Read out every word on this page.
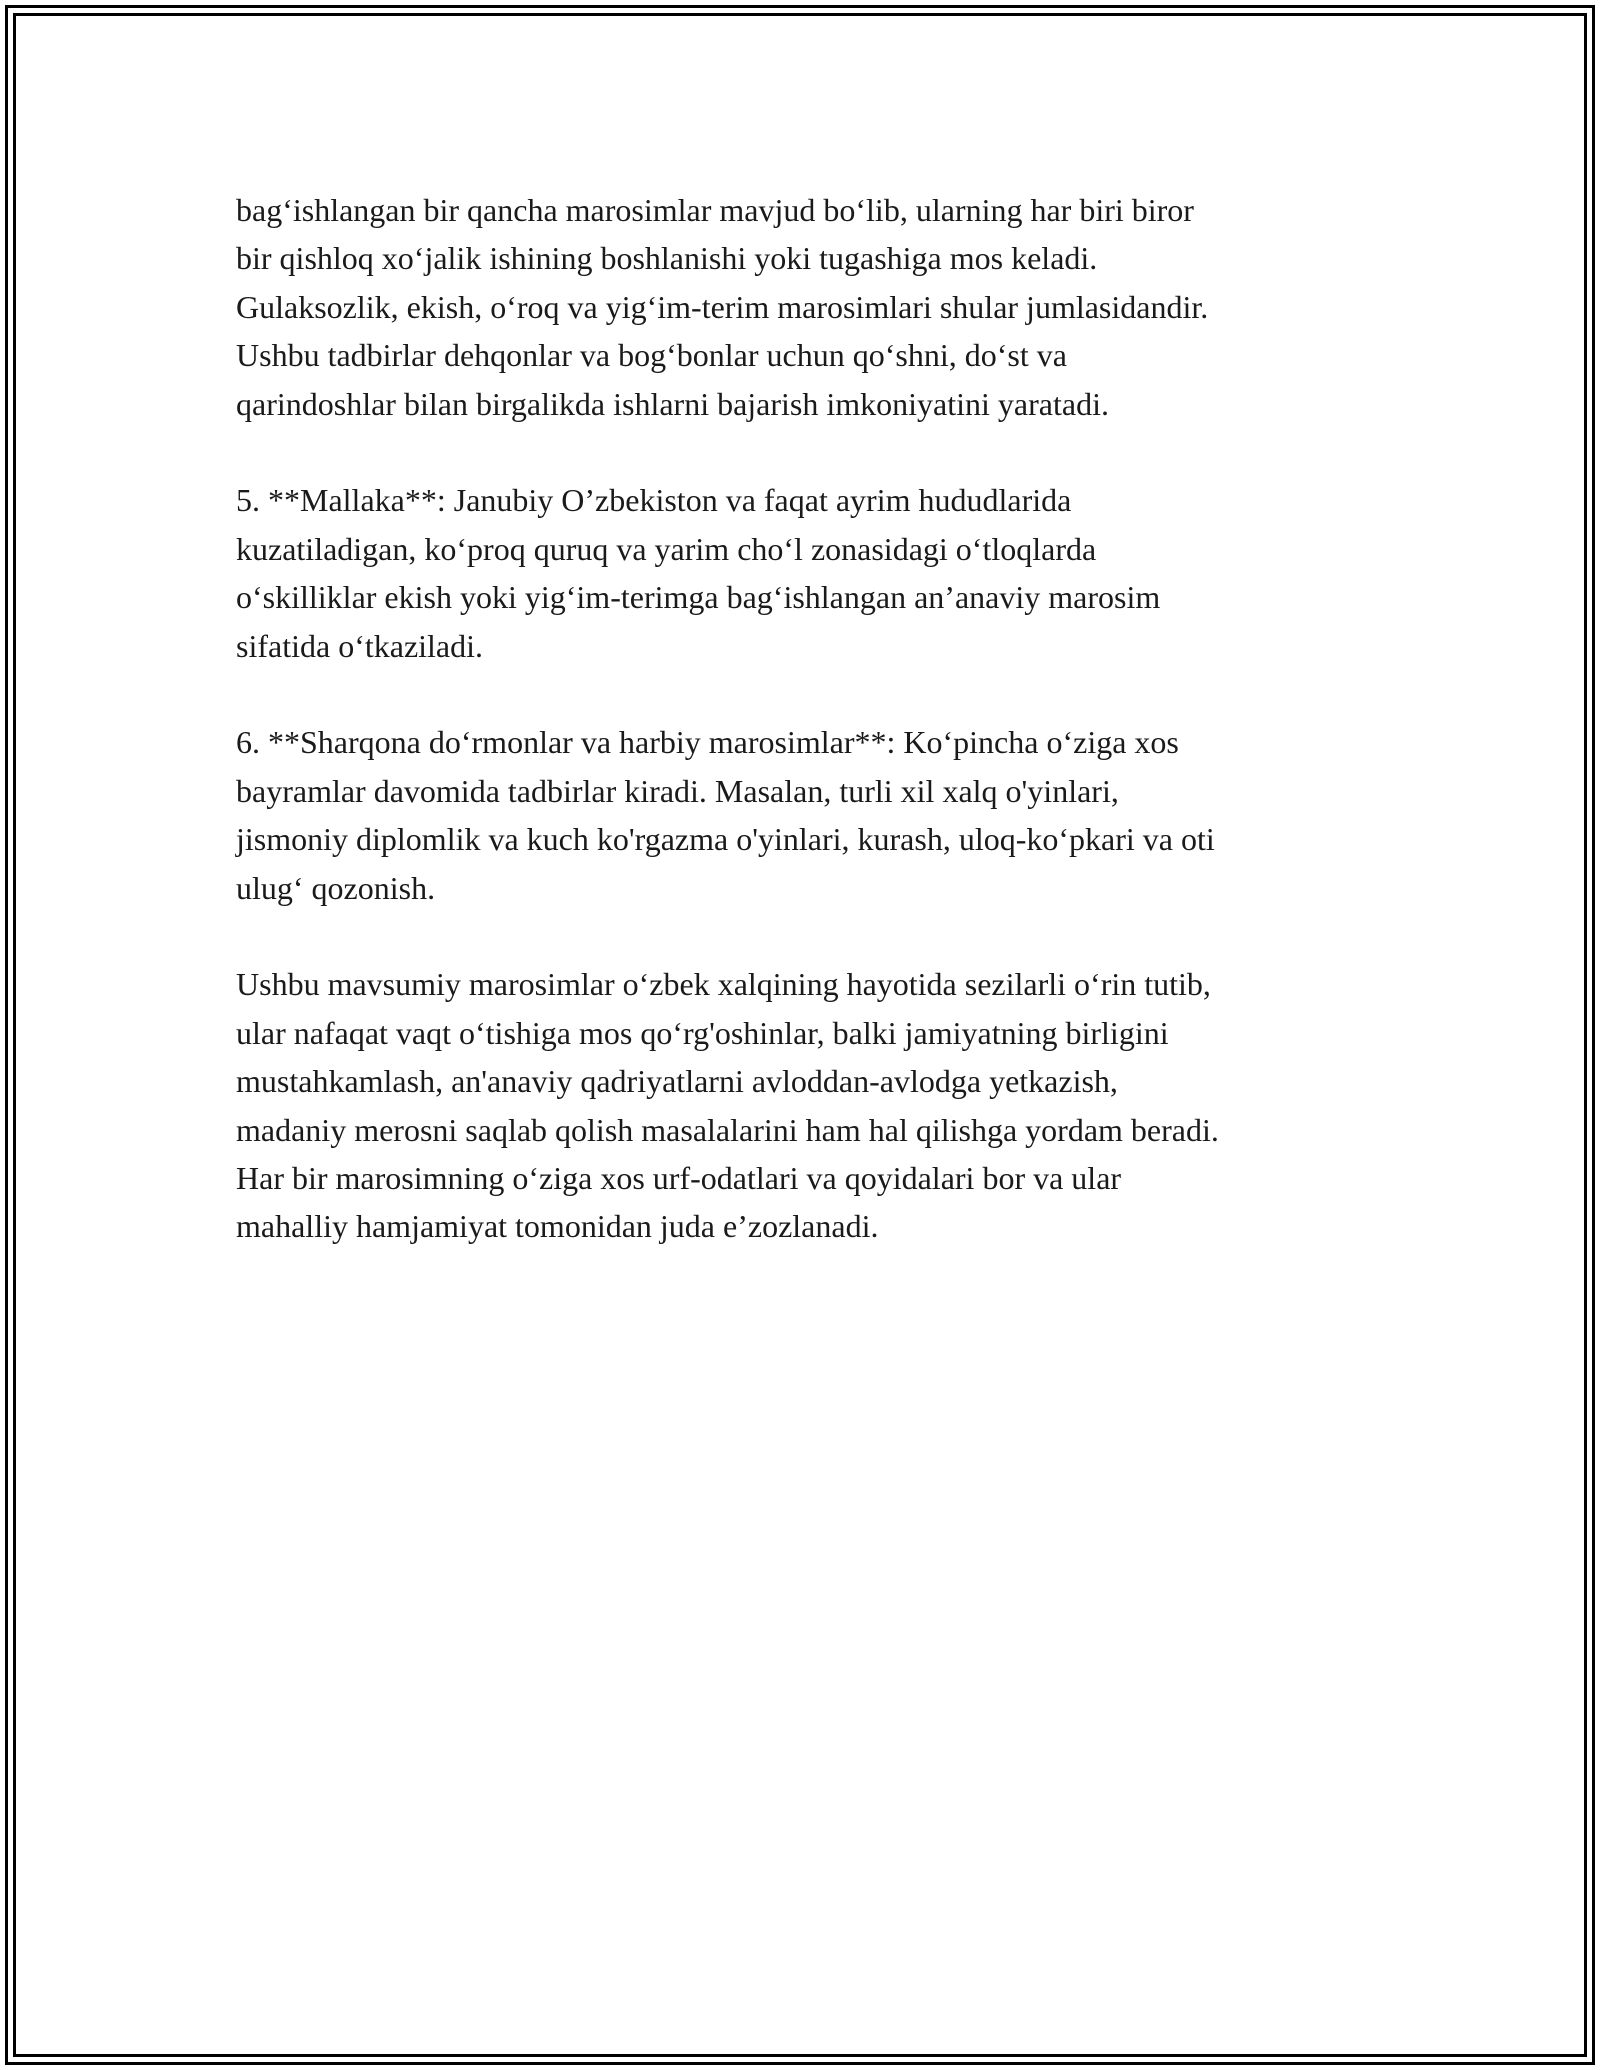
bag‘ishlangan bir qancha marosimlar mavjud bo‘lib, ularning har biri biror
bir qishloq xo‘jalik ishining boshlanishi yoki tugashiga mos keladi.
Gulaksozlik, ekish, o‘roq va yig‘im-terim marosimlari shular jumlasidandir.
Ushbu tadbirlar dehqonlar va bog‘bonlar uchun qo‘shni, do‘st va
qarindoshlar bilan birgalikda ishlarni bajarish imkoniyatini yaratadi.

5. **Mallaka**: Janubiy O’zbekiston va faqat ayrim hududlarida
kuzatiladigan, ko‘proq quruq va yarim cho‘l zonasidagi o‘tloqlarda
o‘skilliklar ekish yoki yig‘im-terimga bag‘ishlangan an’anaviy marosim
sifatida o‘tkaziladi.

6. **Sharqona do‘rmonlar va harbiy marosimlar**: Ko‘pincha o‘ziga xos
bayramlar davomida tadbirlar kiradi. Masalan, turli xil xalq o'yinlari,
jismoniy diplomlik va kuch ko'rgazma o'yinlari, kurash, uloq-ko‘pkari va oti
ulug‘ qozonish.

Ushbu mavsumiy marosimlar o‘zbek xalqining hayotida sezilarli o‘rin tutib,
ular nafaqat vaqt o‘tishiga mos qo‘rg'oshinlar, balki jamiyatning birligini
mustahkamlash, an'anaviy qadriyatlarni avloddan-avlodga yetkazish,
madaniy merosni saqlab qolish masalalarini ham hal qilishga yordam beradi.
Har bir marosimning o‘ziga xos urf-odatlari va qoyidalari bor va ular
mahalliy hamjamiyat tomonidan juda e’zozlanadi.
